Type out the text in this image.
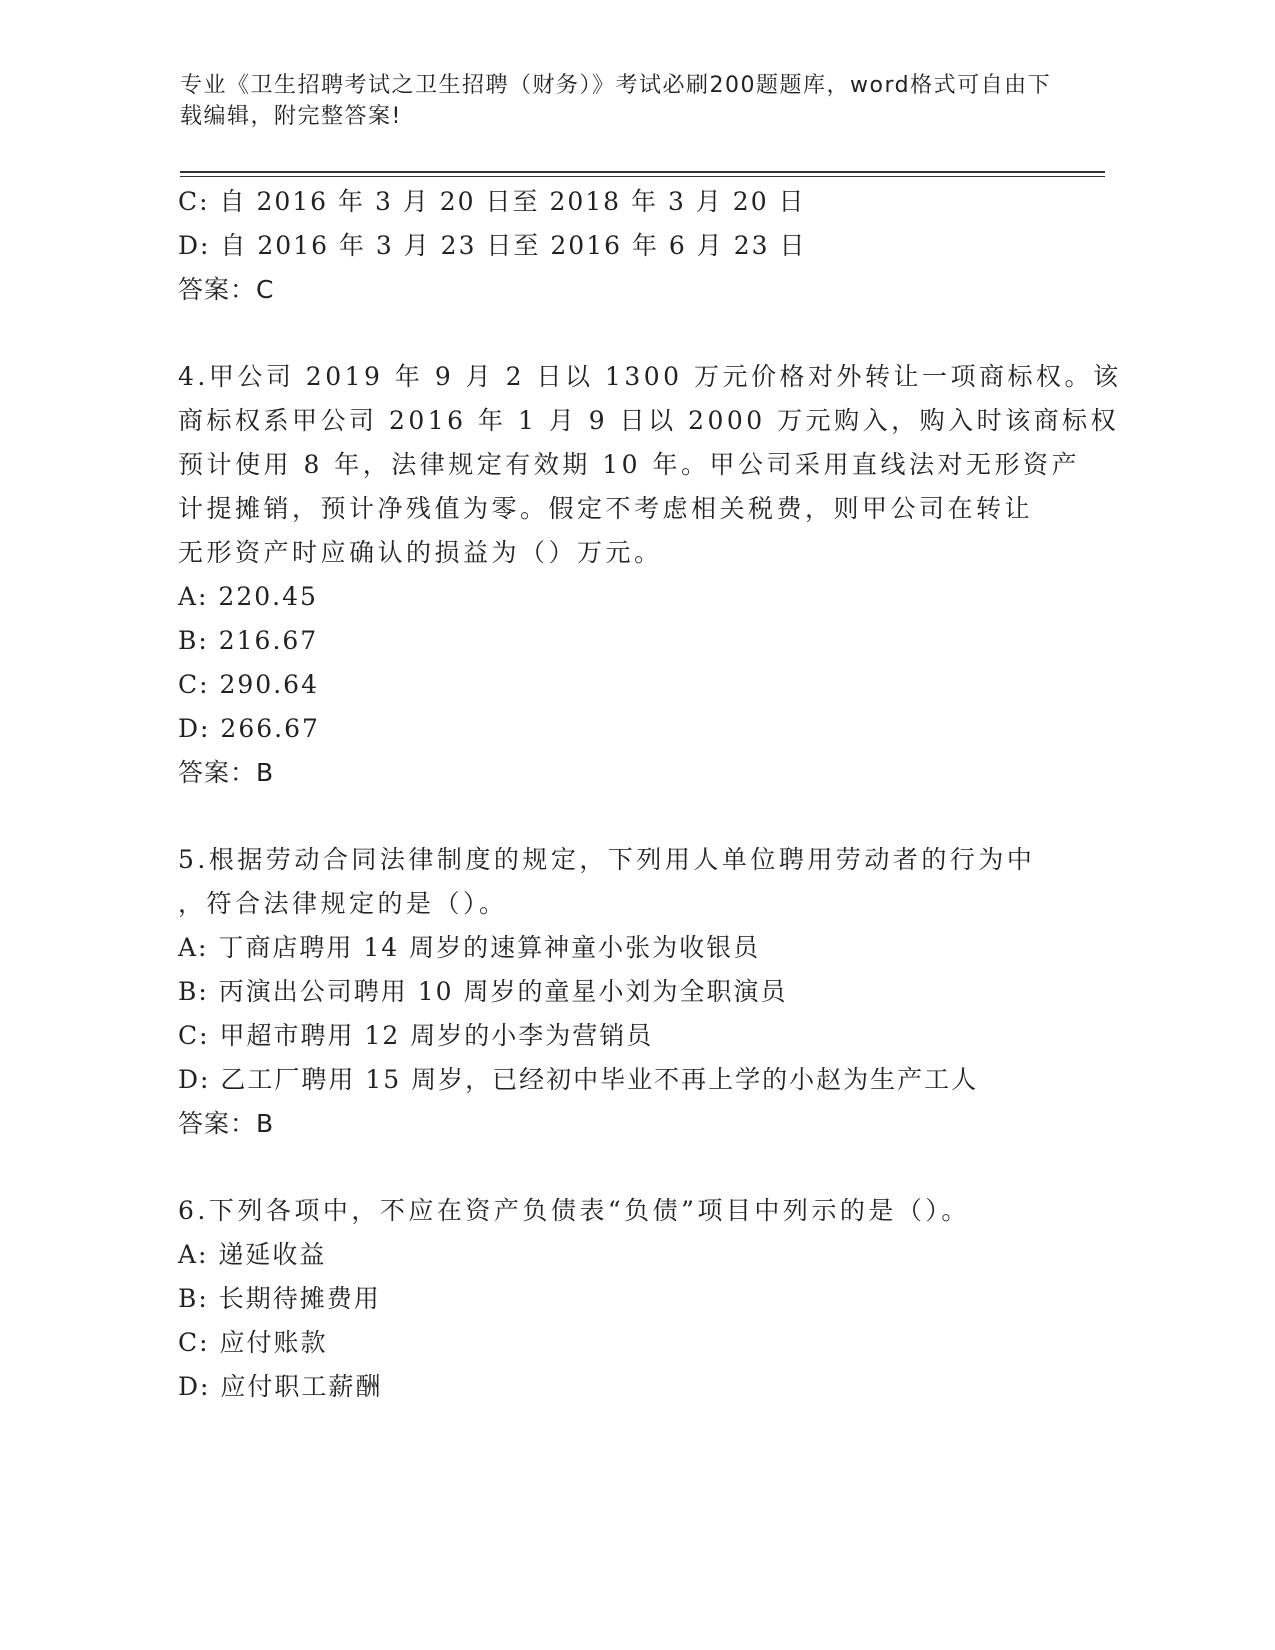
专业《卫生招聘考试之卫生招聘（财务）》考试必刷200题题库，word格式可自由下载编辑，附完整答案!
C: 自 2016 年 3 月 20 日至 2018 年 3 月 20 日
D: 自 2016 年 3 月 23 日至 2016 年 6 月 23 日
答案：C
4.甲公司 2019 年 9 月 2 日以 1300 万元价格对外转让一项商标权。该
商标权系甲公司 2016 年 1 月 9 日以 2000 万元购入，购入时该商标权
预计使用 8 年，法律规定有效期 10 年。甲公司采用直线法对无形资产
计提摊销，预计净残值为零。假定不考虑相关税费，则甲公司在转让
无形资产时应确认的损益为（）万元。
A: 220.45
B: 216.67
C: 290.64
D: 266.67
答案：B
5.根据劳动合同法律制度的规定，下列用人单位聘用劳动者的行为中
，符合法律规定的是（）。
A: 丁商店聘用 14 周岁的速算神童小张为收银员
B: 丙演出公司聘用 10 周岁的童星小刘为全职演员
C: 甲超市聘用 12 周岁的小李为营销员
D: 乙工厂聘用 15 周岁，已经初中毕业不再上学的小赵为生产工人
答案：B
6.下列各项中，不应在资产负债表“负债”项目中列示的是（）。
A: 递延收益
B: 长期待摊费用
C: 应付账款
D: 应付职工薪酬
